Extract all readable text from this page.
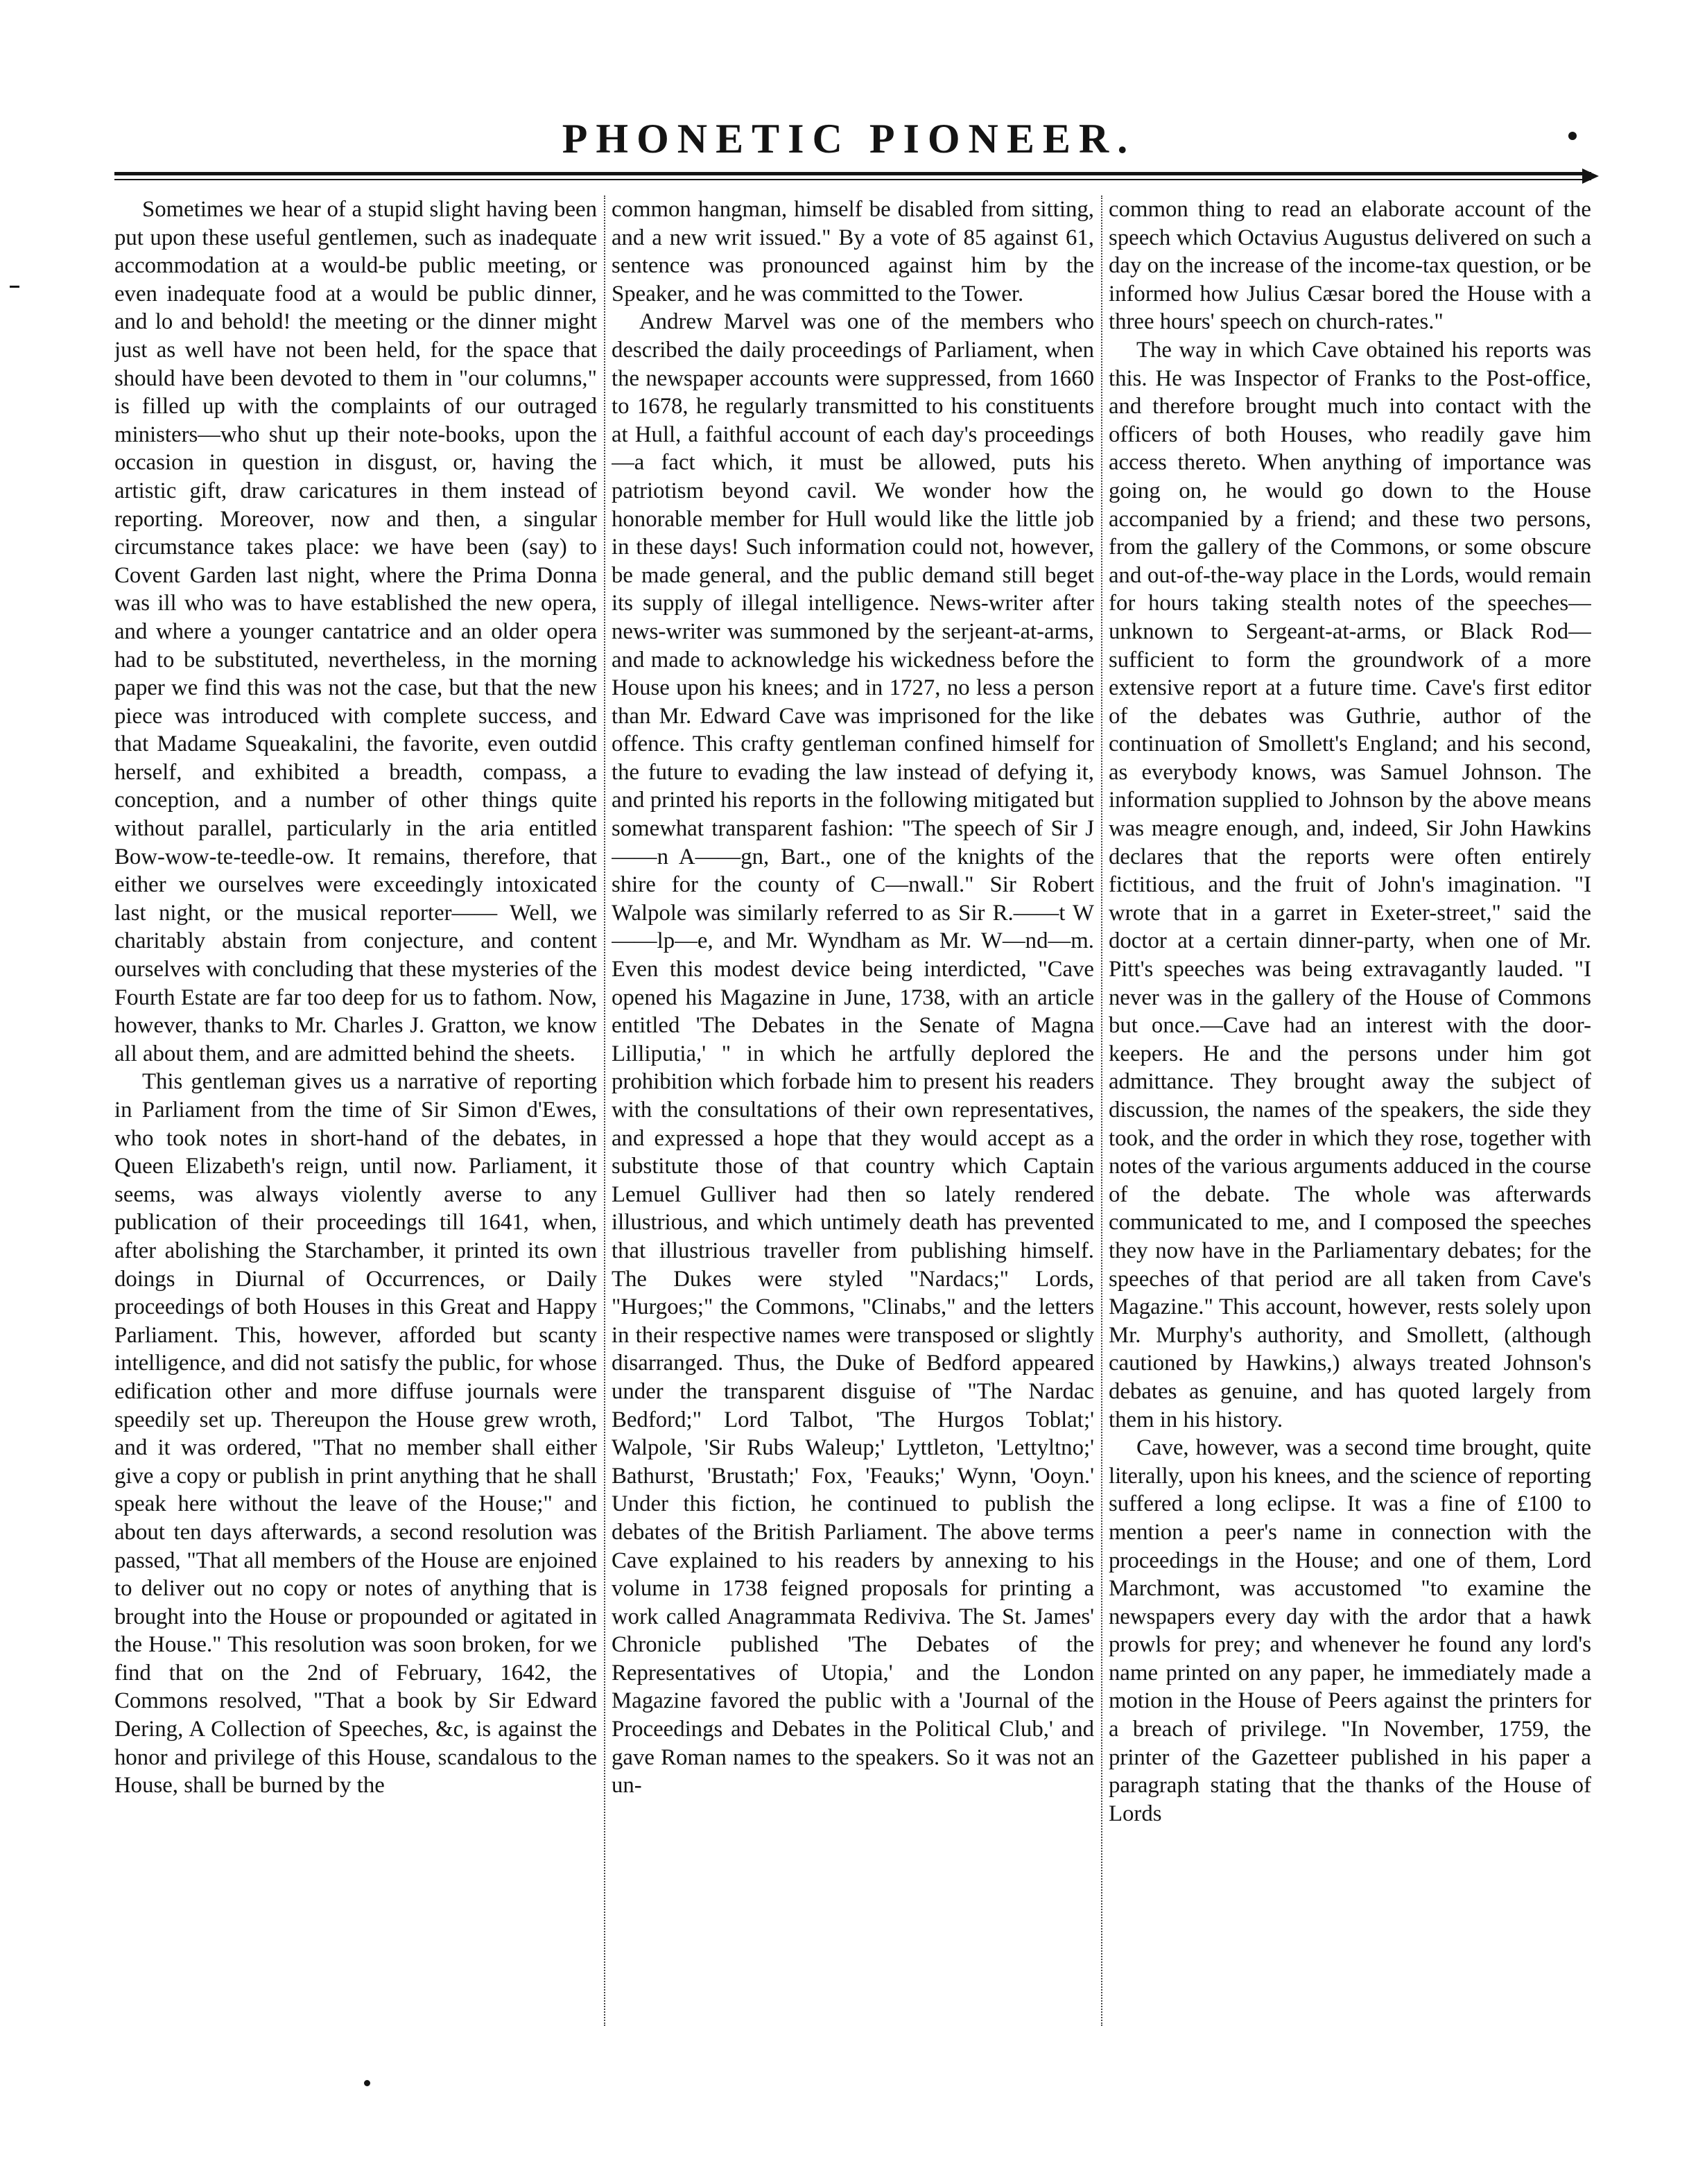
PHONETIC PIONEER.

Sometimes we hear of a stupid slight having been put upon these useful gentlemen, such as inadequate accommodation at a would-be public meeting, or even inadequate food at a would be public dinner, and lo and behold! the meeting or the dinner might just as well have not been held, for the space that should have been devoted to them in "our columns," is filled up with the complaints of our outraged ministers—who shut up their note-books, upon the occasion in question in disgust, or, having the artistic gift, draw caricatures in them instead of reporting. Moreover, now and then, a singular circumstance takes place: we have been (say) to Covent Garden last night, where the Prima Donna was ill who was to have established the new opera, and where a younger cantatrice and an older opera had to be substituted, nevertheless, in the morning paper we find this was not the case, but that the new piece was introduced with complete success, and that Madame Squeakalini, the favorite, even outdid herself, and exhibited a breadth, compass, a conception, and a number of other things quite without parallel, particularly in the aria entitled Bow-wow-te-teedle-ow. It remains, therefore, that either we ourselves were exceedingly intoxicated last night, or the musical reporter—— Well, we charitably abstain from conjecture, and content ourselves with concluding that these mysteries of the Fourth Estate are far too deep for us to fathom. Now, however, thanks to Mr. Charles J. Gratton, we know all about them, and are admitted behind the sheets.

This gentleman gives us a narrative of reporting in Parliament from the time of Sir Simon d'Ewes, who took notes in short-hand of the debates, in Queen Elizabeth's reign, until now. Parliament, it seems, was always violently averse to any publication of their proceedings till 1641, when, after abolishing the Starchamber, it printed its own doings in Diurnal of Occurrences, or Daily proceedings of both Houses in this Great and Happy Parliament. This, however, afforded but scanty intelligence, and did not satisfy the public, for whose edification other and more diffuse journals were speedily set up. Thereupon the House grew wroth, and it was ordered, "That no member shall either give a copy or publish in print anything that he shall speak here without the leave of the House;" and about ten days afterwards, a second resolution was passed, "That all members of the House are enjoined to deliver out no copy or notes of anything that is brought into the House or propounded or agitated in the House." This resolution was soon broken, for we find that on the 2nd of February, 1642, the Commons resolved, "That a book by Sir Edward Dering, A Collection of Speeches, &c, is against the honor and privilege of this House, scandalous to the House, shall be burned by the

common hangman, himself be disabled from sitting, and a new writ issued." By a vote of 85 against 61, sentence was pronounced against him by the Speaker, and he was committed to the Tower.

Andrew Marvel was one of the members who described the daily proceedings of Parliament, when the newspaper accounts were suppressed, from 1660 to 1678, he regularly transmitted to his constituents at Hull, a faithful account of each day's proceedings—a fact which, it must be allowed, puts his patriotism beyond cavil. We wonder how the honorable member for Hull would like the little job in these days! Such information could not, however, be made general, and the public demand still beget its supply of illegal intelligence. News-writer after news-writer was summoned by the serjeant-at-arms, and made to acknowledge his wickedness before the House upon his knees; and in 1727, no less a person than Mr. Edward Cave was imprisoned for the like offence. This crafty gentleman confined himself for the future to evading the law instead of defying it, and printed his reports in the following mitigated but somewhat transparent fashion: "The speech of Sir J——n A——gn, Bart., one of the knights of the shire for the county of C—nwall." Sir Robert Walpole was similarly referred to as Sir R.——t W——lp—e, and Mr. Wyndham as Mr. W—nd—m. Even this modest device being interdicted, "Cave opened his Magazine in June, 1738, with an article entitled 'The Debates in the Senate of Magna Lilliputia,' " in which he artfully deplored the prohibition which forbade him to present his readers with the consultations of their own representatives, and expressed a hope that they would accept as a substitute those of that country which Captain Lemuel Gulliver had then so lately rendered illustrious, and which untimely death has prevented that illustrious traveller from publishing himself. The Dukes were styled "Nardacs;" Lords, "Hurgoes;" the Commons, "Clinabs," and the letters in their respective names were transposed or slightly disarranged. Thus, the Duke of Bedford appeared under the transparent disguise of "The Nardac Bedford;" Lord Talbot, 'The Hurgos Toblat;' Walpole, 'Sir Rubs Waleup;' Lyttleton, 'Lettyltno;' Bathurst, 'Brustath;' Fox, 'Feauks;' Wynn, 'Ooyn.' Under this fiction, he continued to publish the debates of the British Parliament. The above terms Cave explained to his readers by annexing to his volume in 1738 feigned proposals for printing a work called Anagrammata Rediviva. The St. James' Chronicle published 'The Debates of the Representatives of Utopia,' and the London Magazine favored the public with a 'Journal of the Proceedings and Debates in the Political Club,' and gave Roman names to the speakers. So it was not an un-

common thing to read an elaborate account of the speech which Octavius Augustus delivered on such a day on the increase of the income-tax question, or be informed how Julius Cæsar bored the House with a three hours' speech on church-rates."

The way in which Cave obtained his reports was this. He was Inspector of Franks to the Post-office, and therefore brought much into contact with the officers of both Houses, who readily gave him access thereto. When anything of importance was going on, he would go down to the House accompanied by a friend; and these two persons, from the gallery of the Commons, or some obscure and out-of-the-way place in the Lords, would remain for hours taking stealth notes of the speeches—unknown to Sergeant-at-arms, or Black Rod—sufficient to form the groundwork of a more extensive report at a future time. Cave's first editor of the debates was Guthrie, author of the continuation of Smollett's England; and his second, as everybody knows, was Samuel Johnson. The information supplied to Johnson by the above means was meagre enough, and, indeed, Sir John Hawkins declares that the reports were often entirely fictitious, and the fruit of John's imagination. "I wrote that in a garret in Exeter-street," said the doctor at a certain dinner-party, when one of Mr. Pitt's speeches was being extravagantly lauded. "I never was in the gallery of the House of Commons but once.—Cave had an interest with the door-keepers. He and the persons under him got admittance. They brought away the subject of discussion, the names of the speakers, the side they took, and the order in which they rose, together with notes of the various arguments adduced in the course of the debate. The whole was afterwards communicated to me, and I composed the speeches they now have in the Parliamentary debates; for the speeches of that period are all taken from Cave's Magazine." This account, however, rests solely upon Mr. Murphy's authority, and Smollett, (although cautioned by Hawkins,) always treated Johnson's debates as genuine, and has quoted largely from them in his history.

Cave, however, was a second time brought, quite literally, upon his knees, and the science of reporting suffered a long eclipse. It was a fine of £100 to mention a peer's name in connection with the proceedings in the House; and one of them, Lord Marchmont, was accustomed "to examine the newspapers every day with the ardor that a hawk prowls for prey; and whenever he found any lord's name printed on any paper, he immediately made a motion in the House of Peers against the printers for a breach of privilege. "In November, 1759, the printer of the Gazetteer published in his paper a paragraph stating that the thanks of the House of Lords
